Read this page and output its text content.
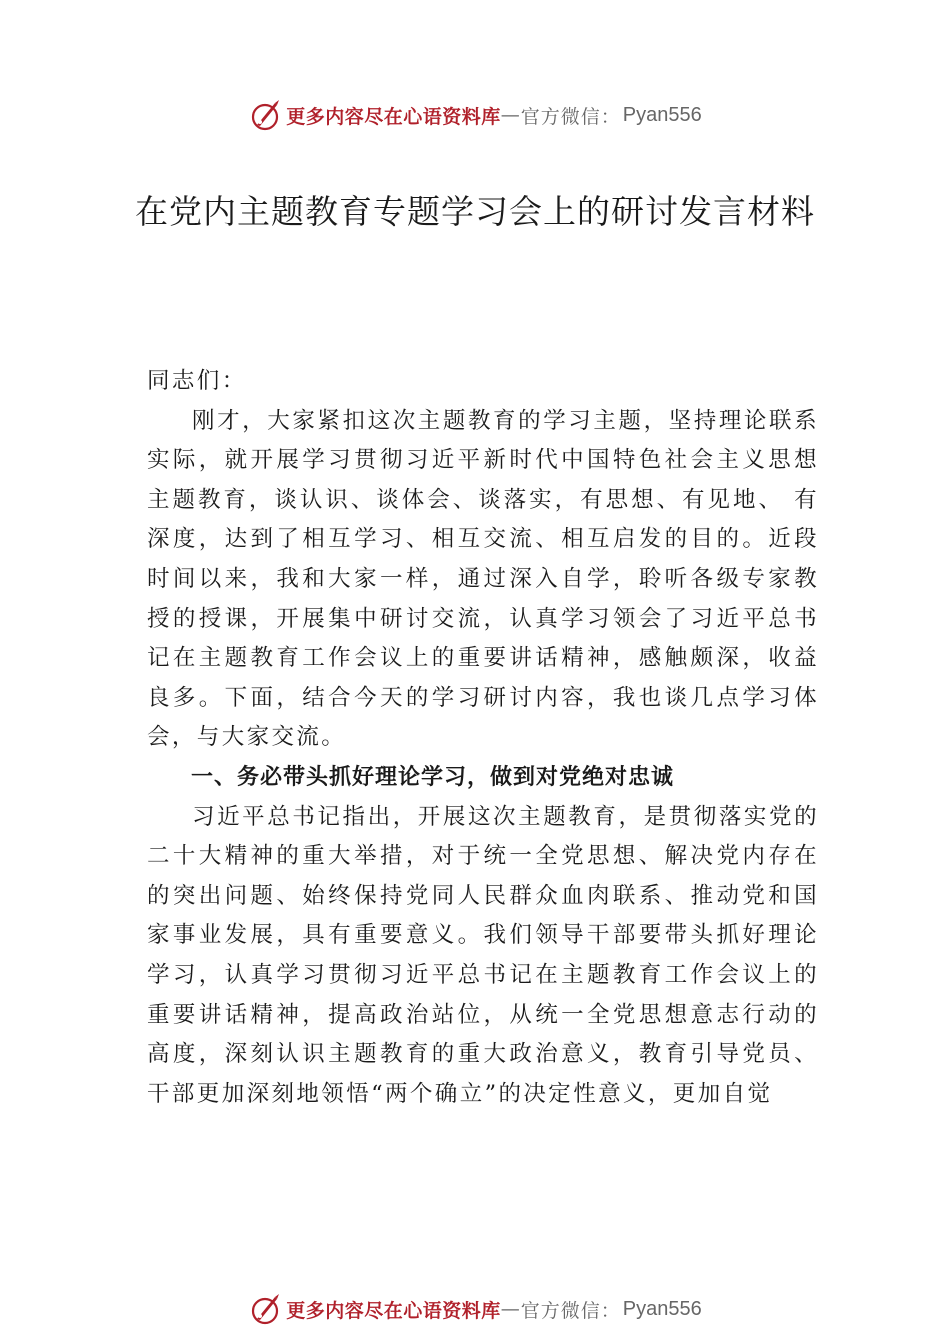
更多内容尽在心语资料库 — 官方微信： Pyan556
在党内主题教育专题学习会上的研讨发言材料

同志们：

刚才，大家紧扣这次主题教育的学习主题，坚持理论联系实际，就开展学习贯彻习近平新时代中国特色社会主义思想主题教育，谈认识、谈体会、谈落实，有思想、有见地、 有深度，达到了相互学习、相互交流、相互启发的目的。近段时间以来，我和大家一样，通过深入自学，聆听各级专家教授的授课，开展集中研讨交流，认真学习领会了习近平总书记在主题教育工作会议上的重要讲话精神，感触颇深，收益良多。下面，结合今天的学习研讨内容，我也谈几点学习体会，与大家交流。

一、务必带头抓好理论学习，做到对党绝对忠诚

习近平总书记指出，开展这次主题教育，是贯彻落实党的二十大精神的重大举措，对于统一全党思想、解决党内存在的突出问题、始终保持党同人民群众血肉联系、推动党和国家事业发展，具有重要意义。我们领导干部要带头抓好理论学习，认真学习贯彻习近平总书记在主题教育工作会议上的重要讲话精神，提高政治站位，从统一全党思想意志行动的高度，深刻认识主题教育的重大政治意义，教育引导党员、干部更加深刻地领悟“两个确立”的决定性意义，更加自觉

更多内容尽在心语资料库 — 官方微信： Pyan556
